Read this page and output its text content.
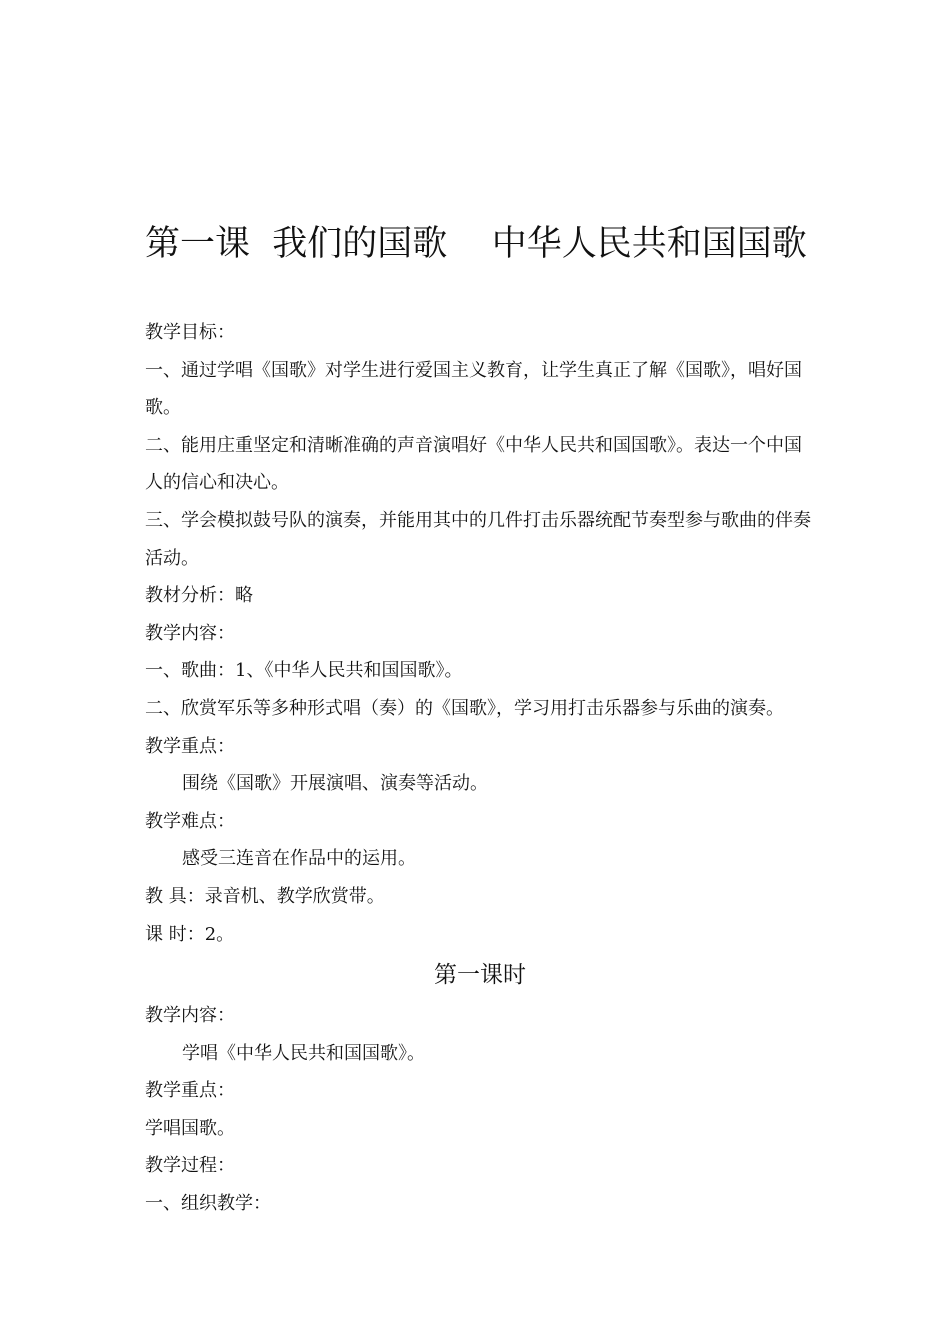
第一课  我们的国歌    中华人民共和国国歌

教学目标：

一、通过学唱《国歌》对学生进行爱国主义教育，让学生真正了解《国歌》，唱好国歌。

二、能用庄重坚定和清晰准确的声音演唱好《中华人民共和国国歌》。表达一个中国人的信心和决心。

三、学会模拟鼓号队的演奏，并能用其中的几件打击乐器统配节奏型参与歌曲的伴奏活动。

教材分析：略

教学内容：

一、歌曲：1、《中华人民共和国国歌》。

二、欣赏军乐等多种形式唱（奏）的《国歌》，学习用打击乐器参与乐曲的演奏。

教学重点：

围绕《国歌》开展演唱、演奏等活动。

教学难点：

感受三连音在作品中的运用。

教 具：录音机、教学欣赏带。

课 时：2。

第一课时

教学内容：

学唱《中华人民共和国国歌》。

教学重点：

学唱国歌。

教学过程：

一、组织教学：
